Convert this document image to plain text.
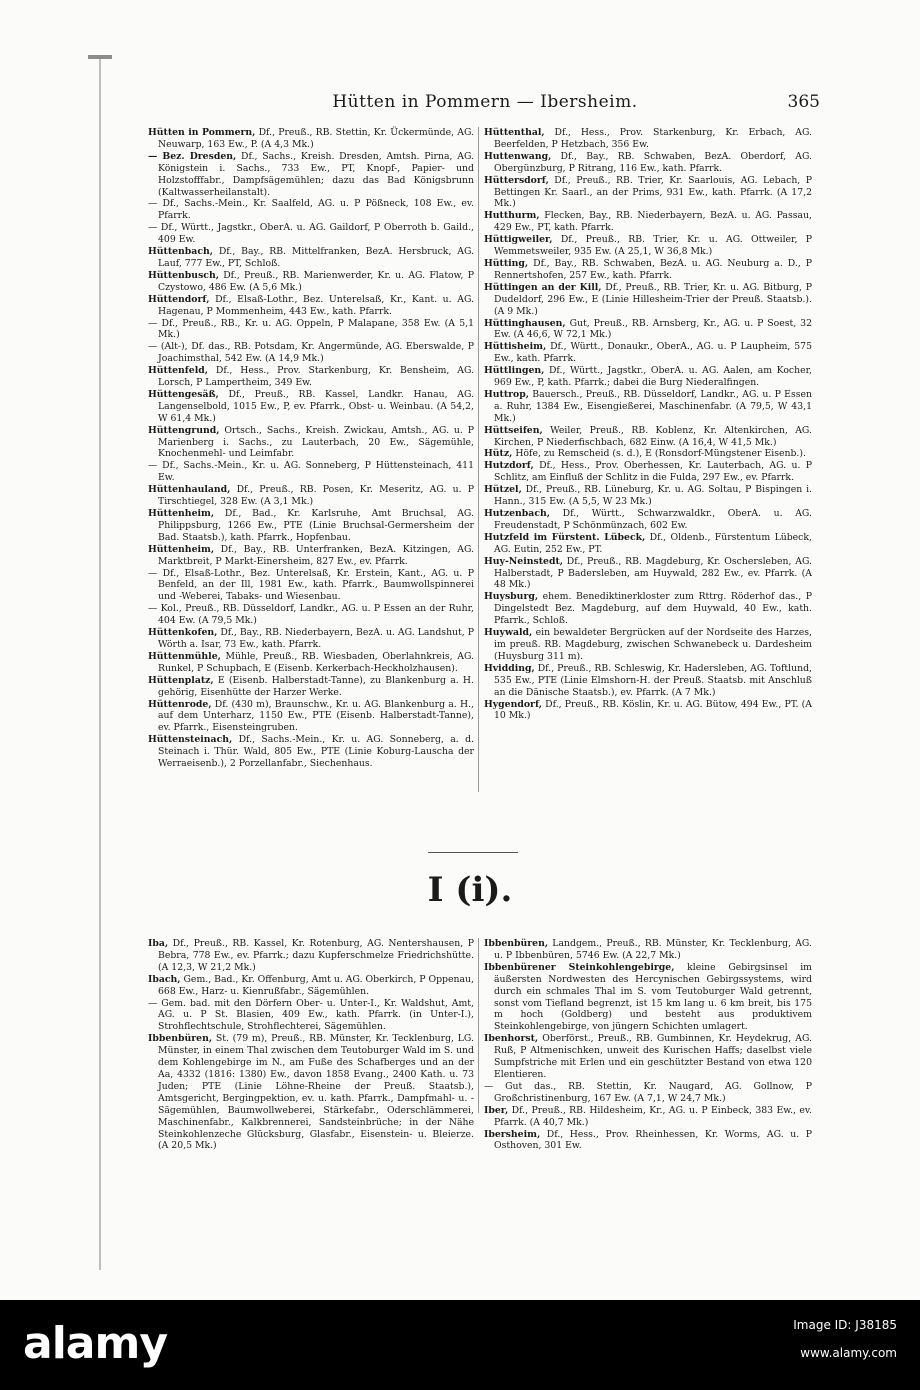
Hütten in Pommern — Ibersheim.	365
Hütten in Pommern, Df., Preuß., RB. Stettin, Kr. Ückermünde, AG. Neuwarp, 163 Ew., P. (A 4,3 Mk.)
— Bez. Dresden, Df., Sachs., Kreish. Dresden, Amtsh. Pirna, AG. Königstein i. Sachs., 733 Ew., PT, Knopf-, Papier- und Holzstofffabr., Dampfsägemühlen; dazu das Bad Königsbrunn (Kaltwasserheilanstalt).
— Df., Sachs.-Mein., Kr. Saalfeld, AG. u. P Pößneck, 108 Ew., ev. Pfarrk.
— Df., Württ., Jagstkr., OberA. u. AG. Gaildorf, P Oberroth b. Gaild., 409 Ew.
Hüttenbach, Df., Bay., RB. Mittelfranken, BezA. Hersbruck, AG. Lauf, 777 Ew., PT, Schloß.
Hüttenbusch, Df., Preuß., RB. Marienwerder, Kr. u. AG. Flatow, P Czystowo, 486 Ew. (A 5,6 Mk.)
Hüttendorf, Df., Elsaß-Lothr., Bez. Unterelsaß, Kr., Kant. u. AG. Hagenau, P Mommenheim, 443 Ew., kath. Pfarrk.
— Df., Preuß., RB., Kr. u. AG. Oppeln, P Malapane, 358 Ew. (A 5,1 Mk.)
— (Alt-), Df. das., RB. Potsdam, Kr. Angermünde, AG. Eberswalde, P Joachimsthal, 542 Ew. (A 14,9 Mk.)
Hüttenfeld, Df., Hess., Prov. Starkenburg, Kr. Bensheim, AG. Lorsch, P Lampertheim, 349 Ew.
Hüttengesäß, Df., Preuß., RB. Kassel, Landkr. Hanau, AG. Langenselbold, 1015 Ew., P, ev. Pfarrk., Obst- u. Weinbau. (A 54,2, W 61,4 Mk.)
Hüttengrund, Ortsch., Sachs., Kreish. Zwickau, Amtsh., AG. u. P Marienberg i. Sachs., zu Lauterbach, 20 Ew., Sägemühle, Knochenmehl- und Leimfabr.
— Df., Sachs.-Mein., Kr. u. AG. Sonneberg, P Hüttensteinach, 411 Ew.
Hüttenhauland, Df., Preuß., RB. Posen, Kr. Meseritz, AG. u. P Tirschtiegel, 328 Ew. (A 3,1 Mk.)
Hüttenheim, Df., Bad., Kr. Karlsruhe, Amt Bruchsal, AG. Philippsburg, 1266 Ew., PTE (Linie Bruchsal-Germersheim der Bad. Staatsb.), kath. Pfarrk., Hopfenbau.
Hüttenheim, Df., Bay., RB. Unterfranken, BezA. Kitzingen, AG. Marktbreit, P Markt-Einersheim, 827 Ew., ev. Pfarrk.
— Df., Elsaß-Lothr., Bez. Unterelsaß, Kr. Erstein, Kant., AG. u. P Benfeld, an der Ill, 1981 Ew., kath. Pfarrk., Baumwollspinnerei und -Weberei, Tabaks- und Wiesenbau.
— Kol., Preuß., RB. Düsseldorf, Landkr., AG. u. P Essen an der Ruhr, 404 Ew. (A 79,5 Mk.)
Hüttenkofen, Df., Bay., RB. Niederbayern, BezA. u. AG. Landshut, P Wörth a. Isar, 73 Ew., kath. Pfarrk.
Hüttenmühle, Mühle, Preuß., RB. Wiesbaden, Oberlahnkreis, AG. Runkel, P Schupbach, E (Eisenb. Kerkerbach-Heckholzhausen).
Hüttenplatz, E (Eisenb. Halberstadt-Tanne), zu Blankenburg a. H. gehörig, Eisenhütte der Harzer Werke.
Hüttenrode, Df. (430 m), Braunschw., Kr. u. AG. Blankenburg a. H., auf dem Unterharz, 1150 Ew., PTE (Eisenb. Halberstadt-Tanne), ev. Pfarrk., Eisensteingruben.
Hüttensteinach, Df., Sachs.-Mein., Kr. u. AG. Sonneberg, a. d. Steinach i. Thür. Wald, 805 Ew., PTE (Linie Koburg-Lauscha der Werraeisenb.), 2 Porzellanfabr., Siechenhaus.
Hüttenthal, Df., Hess., Prov. Starkenburg, Kr. Erbach, AG. Beerfelden, P Hetzbach, 356 Ew.
Huttenwang, Df., Bay., RB. Schwaben, BezA. Oberdorf, AG. Obergünzburg, P Ritrang, 116 Ew., kath. Pfarrk.
Hüttersdorf, Df., Preuß., RB. Trier, Kr. Saarlouis, AG. Lebach, P Bettingen Kr. Saarl., an der Prims, 931 Ew., kath. Pfarrk. (A 17,2 Mk.)
Hutthurm, Flecken, Bay., RB. Niederbayern, BezA. u. AG. Passau, 429 Ew., PT, kath. Pfarrk.
Hüttigweiler, Df., Preuß., RB. Trier, Kr. u. AG. Ottweiler, P Wemmetsweiler, 935 Ew. (A 25,1, W 36,8 Mk.)
Hütting, Df., Bay., RB. Schwaben, BezA. u. AG. Neuburg a. D., P Rennertshofen, 257 Ew., kath. Pfarrk.
Hüttingen an der Kill, Df., Preuß., RB. Trier, Kr. u. AG. Bitburg, P Dudeldorf, 296 Ew., E (Linie Hillesheim-Trier der Preuß. Staatsb.). (A 9 Mk.)
Hüttinghausen, Gut, Preuß., RB. Arnsberg, Kr., AG. u. P Soest, 32 Ew. (A 46,6, W 72,1 Mk.)
Hüttisheim, Df., Württ., Donaukr., OberA., AG. u. P Laupheim, 575 Ew., kath. Pfarrk.
Hüttlingen, Df., Württ., Jagstkr., OberA. u. AG. Aalen, am Kocher, 969 Ew., P, kath. Pfarrk.; dabei die Burg Niederalfingen.
Huttrop, Bauersch., Preuß., RB. Düsseldorf, Landkr., AG. u. P Essen a. Ruhr, 1384 Ew., Eisengießerei, Maschinenfabr. (A 79,5, W 43,1 Mk.)
Hüttseifen, Weiler, Preuß., RB. Koblenz, Kr. Altenkirchen, AG. Kirchen, P Niederfischbach, 682 Einw. (A 16,4, W 41,5 Mk.)
Hütz, Höfe, zu Remscheid (s. d.), E (Ronsdorf-Müngstener Eisenb.).
Hutzdorf, Df., Hess., Prov. Oberhessen, Kr. Lauterbach, AG. u. P Schlitz, am Einfluß der Schlitz in die Fulda, 297 Ew., ev. Pfarrk.
Hützel, Df., Preuß., RB. Lüneburg, Kr. u. AG. Soltau, P Bispingen i. Hann., 315 Ew. (A 5,5, W 23 Mk.)
Hutzenbach, Df., Württ., Schwarzwaldkr., OberA. u. AG. Freudenstadt, P Schönmünzach, 602 Ew.
Hutzfeld im Fürstent. Lübeck, Df., Oldenb., Fürstentum Lübeck, AG. Eutin, 252 Ew., PT.
Huy-Neinstedt, Df., Preuß., RB. Magdeburg, Kr. Oschersleben, AG. Halberstadt, P Badersleben, am Huywald, 282 Ew., ev. Pfarrk. (A 48 Mk.)
Huysburg, ehem. Benediktinerkloster zum Rttrg. Röderhof das., P Dingelstedt Bez. Magdeburg, auf dem Huywald, 40 Ew., kath. Pfarrk., Schloß.
Huywald, ein bewaldeter Bergrücken auf der Nordseite des Harzes, im preuß. RB. Magdeburg, zwischen Schwanebeck u. Dardesheim (Huysburg 311 m).
Hvidding, Df., Preuß., RB. Schleswig, Kr. Hadersleben, AG. Toftlund, 535 Ew., PTE (Linie Elmshorn-H. der Preuß. Staatsb. mit Anschluß an die Dänische Staatsb.), ev. Pfarrk. (A 7 Mk.)
Hygendorf, Df., Preuß., RB. Köslin, Kr. u. AG. Bütow, 494 Ew., PT. (A 10 Mk.)
I (i).
Iba, Df., Preuß., RB. Kassel, Kr. Rotenburg, AG. Nentershausen, P Bebra, 778 Ew., ev. Pfarrk.; dazu Kupferschmelze Friedrichshütte. (A 12,3, W 21,2 Mk.)
Ibach, Gem., Bad., Kr. Offenburg, Amt u. AG. Oberkirch, P Oppenau, 668 Ew., Harz- u. Kienrußfabr., Sägemühlen.
— Gem. bad. mit den Dörfern Ober- u. Unter-I., Kr. Waldshut, Amt, AG. u. P St. Blasien, 409 Ew., kath. Pfarrk. (in Unter-I.), Strohflechtschule, Strohflechterei, Sägemühlen.
Ibbenbüren, St. (79 m), Preuß., RB. Münster, Kr. Tecklenburg, LG. Münster, in einem Thal zwischen dem Teutoburger Wald im S. und dem Kohlengebirge im N., am Fuße des Schafberges und an der Aa, 4332 (1816: 1380) Ew., davon 1858 Evang., 2400 Kath. u. 73 Juden; PTE (Linie Löhne-Rheine der Preuß. Staatsb.), Amtsgericht, Bergingpektion, ev. u. kath. Pfarrk., Dampfmahl- u. -Sägemühlen, Baumwollweberei, Stärkefabr., Oderschlämmerei, Maschinenfabr., Kalkbrennerei, Sandsteinbrüche; in der Nähe Steinkohlenzeche Glücksburg, Glasfabr., Eisenstein- u. Bleierze. (A 20,5 Mk.)
Ibbenbüren, Landgem., Preuß., RB. Münster, Kr. Tecklenburg, AG. u. P Ibbenbüren, 5746 Ew. (A 22,7 Mk.)
Ibbenbürener Steinkohlengebirge, kleine Gebirgsinsel im äußersten Nordwesten des Hercynischen Gebirgssystems, wird durch ein schmales Thal im S. vom Teutoburger Wald getrennt, sonst vom Tiefland begrenzt, ist 15 km lang u. 6 km breit, bis 175 m hoch (Goldberg) und besteht aus produktivem Steinkohlengebirge, von jüngern Schichten umlagert.
Ibenhorst, Oberförst., Preuß., RB. Gumbinnen, Kr. Heydekrug, AG. Ruß, P Altmenischken, unweit des Kurischen Haffs; daselbst viele Sumpfstriche mit Erlen und ein geschützter Bestand von etwa 120 Elentieren.
— Gut das., RB. Stettin, Kr. Naugard, AG. Gollnow, P Großchristinenburg, 167 Ew. (A 7,1, W 24,7 Mk.)
Iber, Df., Preuß., RB. Hildesheim, Kr., AG. u. P Einbeck, 383 Ew., ev. Pfarrk. (A 40,7 Mk.)
Ibersheim, Df., Hess., Prov. Rheinhessen, Kr. Worms, AG. u. P Osthoven, 301 Ew.
alamy	Image ID: J38185
www.alamy.com
